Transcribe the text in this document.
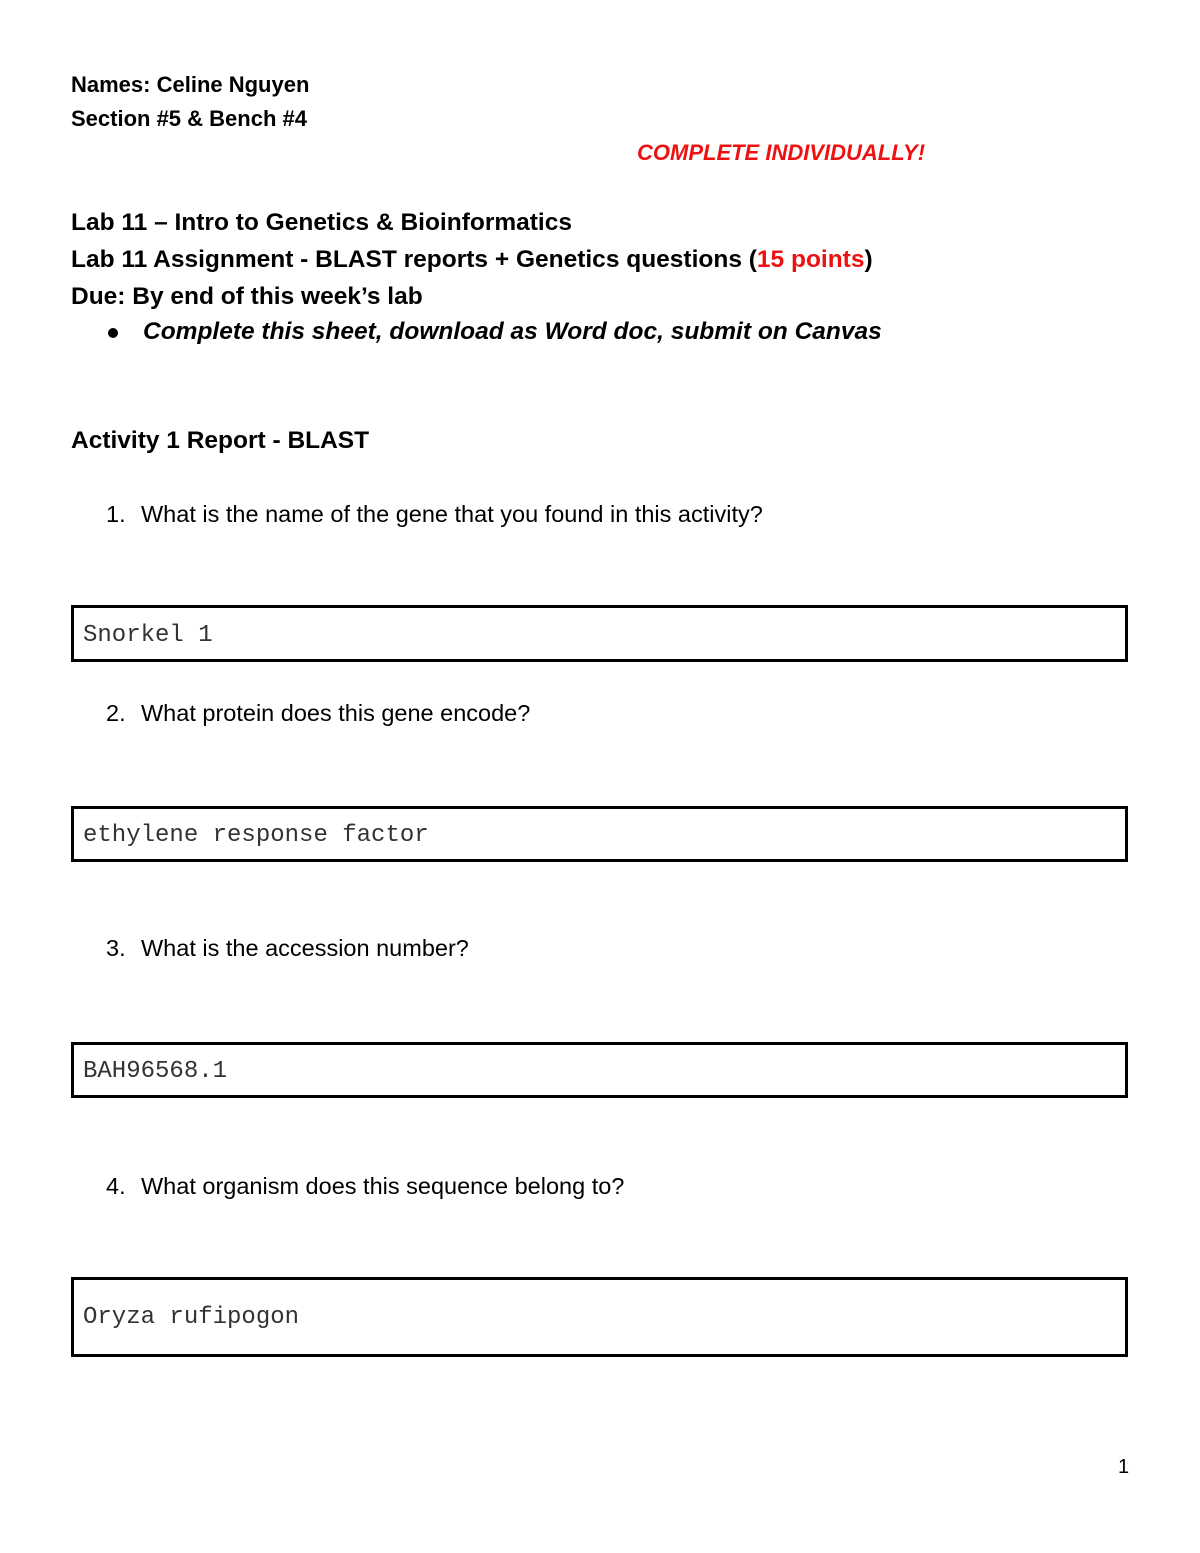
Names: Celine Nguyen
Section #5 & Bench #4
COMPLETE INDIVIDUALLY!
Lab 11 – Intro to Genetics & Bioinformatics
Lab 11 Assignment - BLAST reports + Genetics questions (15 points)
Due: By end of this week’s lab
Complete this sheet, download as Word doc, submit on Canvas
Activity 1 Report - BLAST
1. What is the name of the gene that you found in this activity?
Snorkel 1
2. What protein does this gene encode?
ethylene response factor
3. What is the accession number?
BAH96568.1
4. What organism does this sequence belong to?
Oryza rufipogon
1
